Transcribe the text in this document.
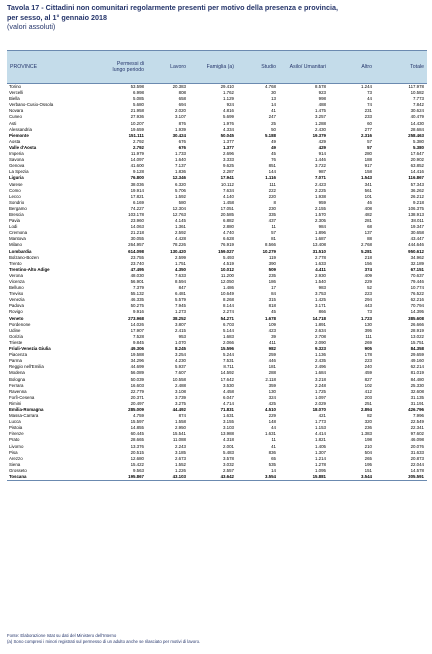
Tavola 17 - Cittadini non comunitari regolarmente presenti per motivo della presenza e provincia,
per sesso, al 1° gennaio 2018
(valori assoluti)
PROVINCE	Permessi di lungo periodo	Lavoro	Famiglia (a)	Studio	Asilo/ Umanitari	Altro	Totale
Torino	53.598	20.383	29.410	4.768	8.578	1.244	117.978
Vercelli	6.998	808	1.762	30	923	73	10.582
Biella	5.085	658	1.129	13	998	44	7.773
Verbano-Cusio-Ossola	5.680	694	924	14	488	74	7.842
Novara	21.958	2.020	4.816	41	1.475	231	30.624
Cuneo	27.936	3.107	5.699	247	3.257	233	40.479
Asti	10.207	876	1.976	25	1.288	60	14.430
Alessandria	19.659	1.939	4.334	50	2.430	277	28.684
Piemonte	151.111	30.424	50.045	5.188	19.379	2.316	258.463
Aosta	2.792	676	1.377	49	429	57	5.380
Valle d'Aosta	2.792	676	1.377	49	429	57	5.380
Imperia	11.979	1.733	2.696	45	914	280	17.647
Savona	14.097	1.640	3.333	76	1.446	188	20.902
Genova	41.600	7.137	9.625	851	3.722	917	63.852
La Spezia	9.128	1.836	2.287	144	987	158	14.416
Liguria	76.800	12.346	17.941	1.116	7.071	1.543	116.867
Varese	38.036	6.320	10.112	111	2.423	341	57.343
Como	19.914	5.706	7.634	222	2.225	561	36.262
Lecco	17.821	1.592	4.140	220	1.938	101	26.212
Sondrio	6.169	580	1.458	8	959	46	9.218
Bergamo	74.227	12.304	17.051	230	2.155	408	106.375
Brescia	103.178	12.763	20.585	335	1.570	482	138.913
Pavia	23.960	4.145	6.882	437	2.305	281	38.011
Lodi	14.063	1.361	2.880	11	984	68	19.347
Cremona	21.218	2.592	4.740	57	1.896	137	30.658
Mantova	30.055	4.428	6.628	81	1.687	88	43.447
Milano	264.957	78.226	76.919	8.566	13.408	2.768	444.646
Lombardia	614.098	130.420	159.027	10.279	31.510	5.281	950.612
Bolzano-Bozen	23.755	2.599	5.493	119	2.778	218	34.962
Trento	23.740	1.751	4.519	390	1.633	156	32.189
Trentino-Alto Adige	47.495	4.350	10.012	509	4.411	374	67.151
Verona	48.030	7.633	11.200	235	2.930	409	70.637
Vicenza	56.901	8.594	12.050	186	1.540	229	79.446
Belluno	7.379	847	1.486	17	983	52	10.774
Treviso	55.132	6.481	10.649	84	3.753	223	76.522
Venezia	46.335	5.579	8.268	315	1.425	294	62.216
Padova	50.275	7.945	8.144	818	3.171	443	70.794
Rovigo	9.916	1.273	2.274	45	866	73	14.395
Veneto	273.968	38.252	54.271	1.678	14.718	1.723	385.608
Pordenone	14.026	3.807	6.703	109	1.891	130	26.666
Udine	17.907	2.415	5.144	423	2.634	395	28.919
Gorizia	7.528	953	1.683	39	2.708	111	13.022
Trieste	9.845	1.070	2.066	411	2.090	269	15.751
Friuli-Venezia Giulia	49.306	8.245	15.596	982	9.323	905	84.358
Piacenza	19.588	3.254	5.244	259	1.136	178	29.659
Parma	34.296	4.230	7.531	446	2.435	223	49.160
Reggio nell'Emilia	44.699	5.937	8.711	181	2.496	240	62.214
Modena	56.089	7.607	14.592	288	1.684	459	81.019
Bologna	50.039	10.558	17.642	2.118	3.218	827	84.480
Ferrara	16.603	2.488	3.530	359	2.248	102	25.330
Ravenna	22.779	3.108	4.458	130	1.725	412	32.608
Forlì-Cesena	20.371	3.739	6.047	324	1.097	203	31.135
Rimini	20.497	3.275	4.714	425	2.029	251	31.191
Emilia-Romagna	285.009	44.492	71.831	4.510	18.070	2.894	426.796
Massa-Carrara	4.759	874	1.631	229	421	82	7.996
Lucca	15.597	1.558	3.155	148	1.773	320	22.549
Pistoia	14.855	2.950	3.103	44	1.153	236	22.341
Firenze	60.445	15.541	13.988	1.631	4.414	1.383	97.602
Prato	28.665	11.088	4.318	11	1.821	198	46.098
Livorno	13.376	2.243	2.001	41	1.405	210	20.076
Pisa	20.515	3.185	5.483	836	1.307	504	31.633
Arezzo	12.680	2.673	3.578	65	1.214	265	20.873
Siena	15.422	1.552	3.032	535	1.278	195	22.044
Grosseto	9.563	1.226	2.557	14	1.095	151	14.578
Toscana	195.867	43.103	43.642	3.554	15.881	3.544	305.591
Fonte: Elaborazione Istat su dati del Ministero dell'Interno
(a) Sono compresi i minori registrati sul permesso di un adulto anche se rilasciato per motivi di lavoro.
